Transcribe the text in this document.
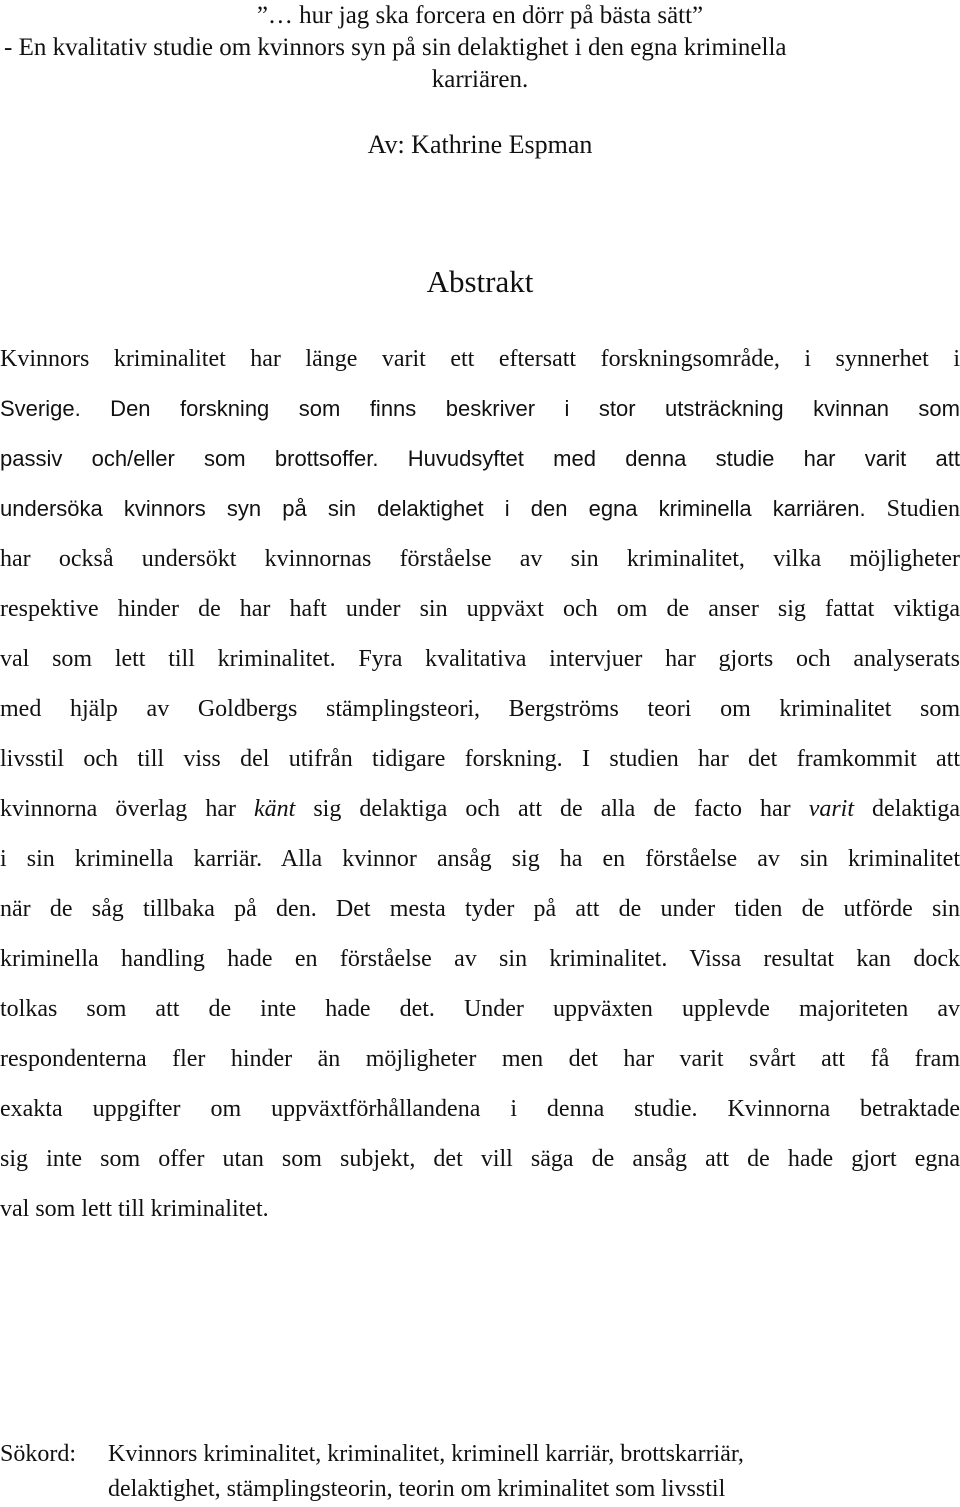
”… hur jag ska forcera en dörr på bästa sätt”
- En kvalitativ studie om kvinnors syn på sin delaktighet i den egna kriminella
karriären.
Av: Kathrine Espman
Abstrakt
Kvinnors kriminalitet har länge varit ett eftersatt forskningsområde, i synnerhet i
Sverige. Den forskning som finns beskriver i stor utsträckning kvinnan som
passiv och/eller som brottsoffer. Huvudsyftet med denna studie har varit att
undersöka kvinnors syn på sin delaktighet i den egna kriminella karriären. Studien
har också undersökt kvinnornas förståelse av sin kriminalitet, vilka möjligheter
respektive hinder de har haft under sin uppväxt och om de anser sig fattat viktiga
val som lett till kriminalitet. Fyra kvalitativa intervjuer har gjorts och analyserats
med hjälp av Goldbergs stämplingsteori, Bergströms teori om kriminalitet som
livsstil och till viss del utifrån tidigare forskning. I studien har det framkommit att
kvinnorna överlag har känt sig delaktiga och att de alla de facto har varit delaktiga
i sin kriminella karriär. Alla kvinnor ansåg sig ha en förståelse av sin kriminalitet
när de såg tillbaka på den. Det mesta tyder på att de under tiden de utförde sin
kriminella handling hade en förståelse av sin kriminalitet. Vissa resultat kan dock
tolkas som att de inte hade det. Under uppväxten upplevde majoriteten av
respondenterna fler hinder än möjligheter men det har varit svårt att få fram
exakta uppgifter om uppväxtförhållandena i denna studie. Kvinnorna betraktade
sig inte som offer utan som subjekt, det vill säga de ansåg att de hade gjort egna
val som lett till kriminalitet.
Sökord: Kvinnors kriminalitet, kriminalitet, kriminell karriär, brottskarriär,
delaktighet, stämplingsteorin, teorin om kriminalitet som livsstil
